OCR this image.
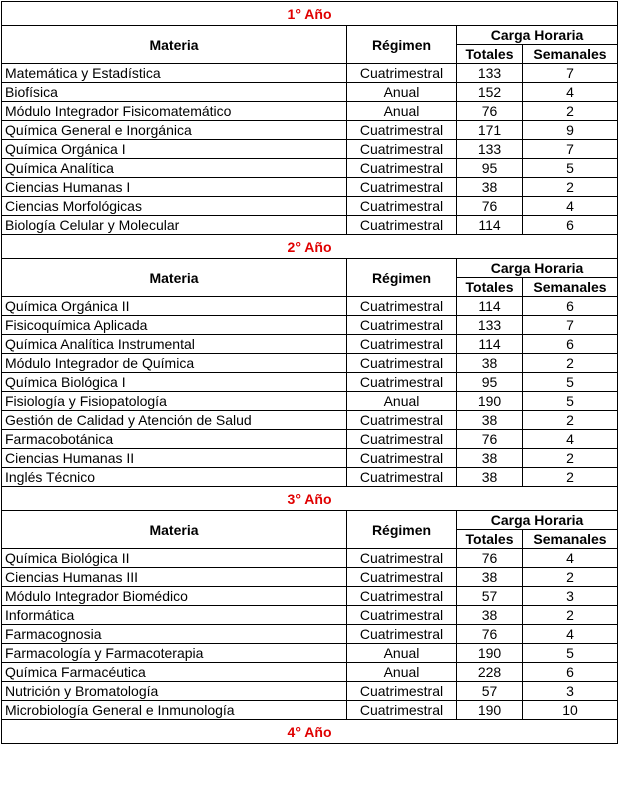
1° Año			
Materia	Régimen	Carga Horaria	
		Totales	Semanales
Matemática y Estadística	Cuatrimestral	133	7
Biofísica	Anual	152	4
Módulo Integrador Fisicomatemático	Anual	76	2
Química General e Inorgánica	Cuatrimestral	171	9
Química Orgánica I	Cuatrimestral	133	7
Química Analítica	Cuatrimestral	95	5
Ciencias Humanas I	Cuatrimestral	38	2
Ciencias Morfológicas	Cuatrimestral	76	4
Biología Celular y Molecular	Cuatrimestral	114	6
2° Año			
Materia	Régimen	Carga Horaria	
		Totales	Semanales
Química Orgánica II	Cuatrimestral	114	6
Fisicoquímica Aplicada	Cuatrimestral	133	7
Química Analítica Instrumental	Cuatrimestral	114	6
Módulo Integrador de Química	Cuatrimestral	38	2
Química Biológica I	Cuatrimestral	95	5
Fisiología y Fisiopatología	Anual	190	5
Gestión de Calidad y Atención de Salud	Cuatrimestral	38	2
Farmacobotánica	Cuatrimestral	76	4
Ciencias Humanas II	Cuatrimestral	38	2
Inglés Técnico	Cuatrimestral	38	2
3° Año			
Materia	Régimen	Carga Horaria	
		Totales	Semanales
Química Biológica II	Cuatrimestral	76	4
Ciencias Humanas III	Cuatrimestral	38	2
Módulo Integrador Biomédico	Cuatrimestral	57	3
Informática	Cuatrimestral	38	2
Farmacognosia	Cuatrimestral	76	4
Farmacología y Farmacoterapia	Anual	190	5
Química Farmacéutica	Anual	228	6
Nutrición y Bromatología	Cuatrimestral	57	3
Microbiología General e Inmunología	Cuatrimestral	190	10
4° Año			
